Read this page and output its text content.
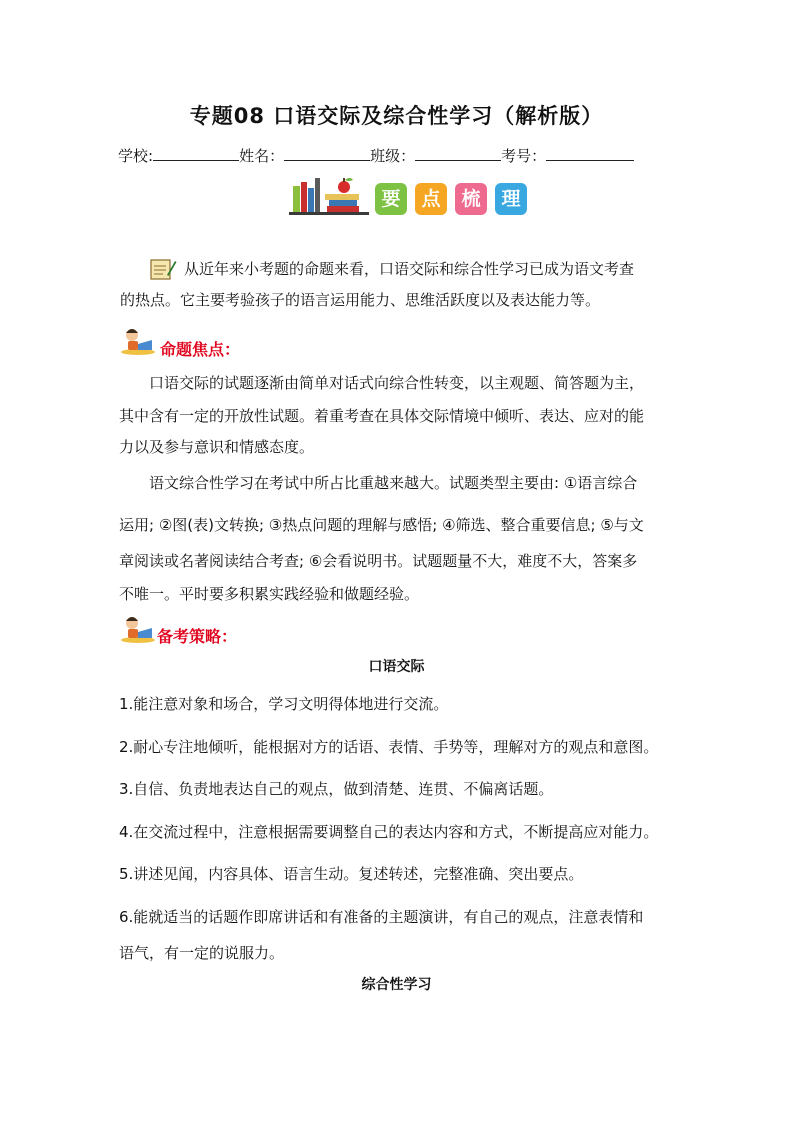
专题08 口语交际及综合性学习（解析版）
学校:	姓名：	班级：	考号：
要	点	梳	理
从近年来小考题的命题来看，口语交际和综合性学习已成为语文考查
的热点。它主要考验孩子的语言运用能力、思维活跃度以及表达能力等。
命题焦点：
口语交际的试题逐渐由简单对话式向综合性转变，以主观题、简答题为主，
其中含有一定的开放性试题。着重考查在具体交际情境中倾听、表达、应对的能
力以及参与意识和情感态度。
语文综合性学习在考试中所占比重越来越大。试题类型主要由: ①语言综合
运用; ②图(表)文转换; ③热点问题的理解与感悟; ④筛选、整合重要信息; ⑤与文
章阅读或名著阅读结合考查; ⑥会看说明书。试题题量不大，难度不大，答案多
不唯一。平时要多积累实践经验和做题经验。
备考策略：
口语交际
1.能注意对象和场合，学习文明得体地进行交流。
2.耐心专注地倾听，能根据对方的话语、表情、手势等，理解对方的观点和意图。
3.自信、负责地表达自己的观点，做到清楚、连贯、不偏离话题。
4.在交流过程中，注意根据需要调整自己的表达内容和方式，不断提高应对能力。
5.讲述见闻，内容具体、语言生动。复述转述，完整准确、突出要点。
6.能就适当的话题作即席讲话和有准备的主题演讲，有自己的观点，注意表情和
语气，有一定的说服力。
综合性学习
